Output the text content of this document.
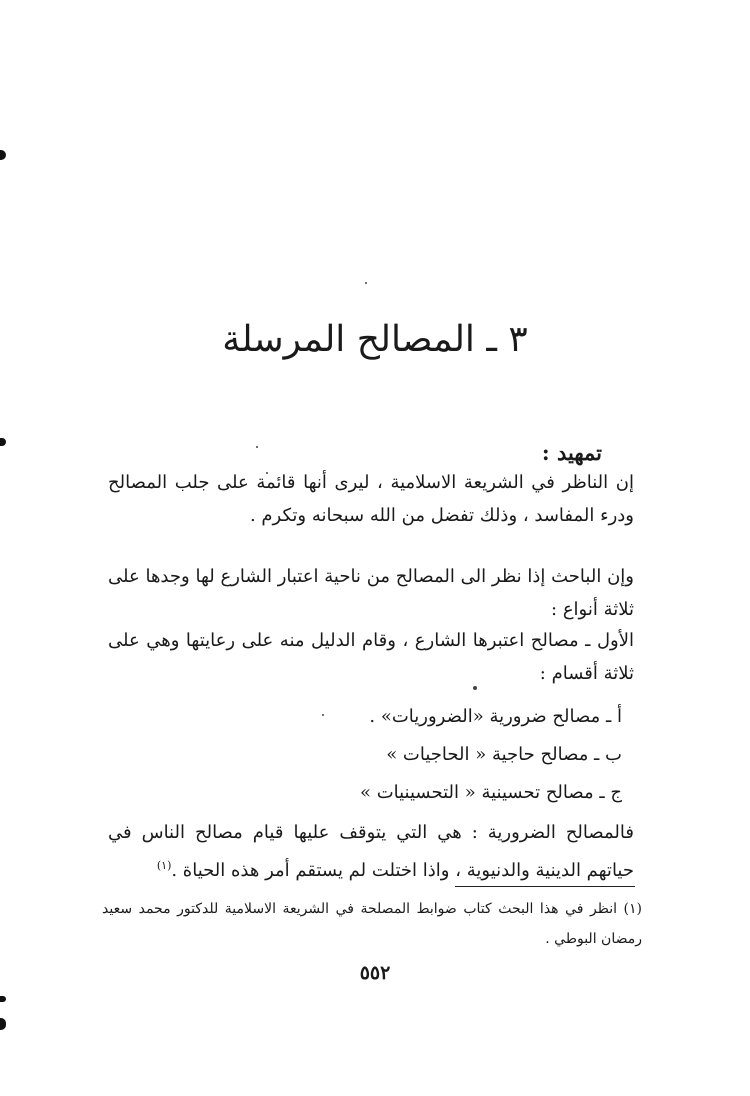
٣ ـ المصالح المرسلة
تمهيد :

إن الناظر في الشريعة الاسلامية ، ليرى أنها قائمة على جلب المصالح ودرء المفاسد ، وذلك تفضل من الله سبحانه وتكرم .

وإن الباحث إذا نظر الى المصالح من ناحية اعتبار الشارع لها وجدها على ثلاثة أنواع :

الأول ـ مصالح اعتبرها الشارع ، وقام الدليل منه على رعايتها وهي على ثلاثة أقسام :

أ ـ مصالح ضرورية «الضروريات» .
ب ـ مصالح حاجية « الحاجيات »
ج ـ مصالح تحسينية « التحسينيات »

فالمصالح الضرورية : هي التي يتوقف عليها قيام مصالح الناس في حياتهم الدينية والدنيوية ، واذا اختلت لم يستقم أمر هذه الحياة .$^{(١)}$

(١) انظر في هذا البحث كتاب ضوابط المصلحة في الشريعة الاسلامية للدكتور محمد سعيد رمضان البوطي .

٥٥٢
